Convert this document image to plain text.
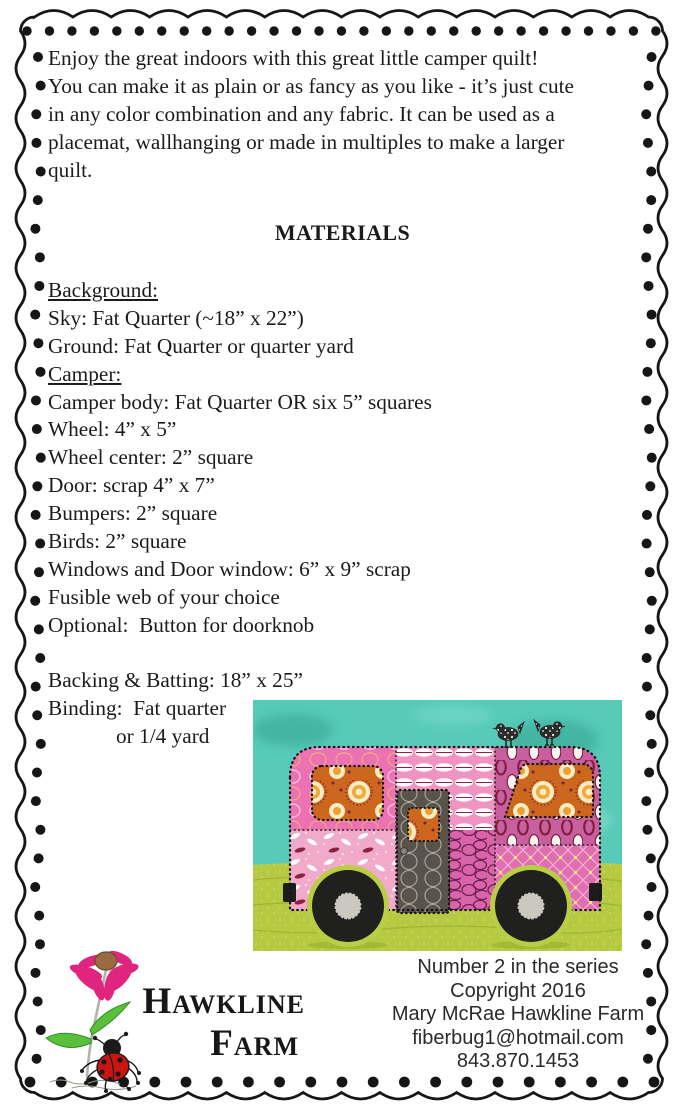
Enjoy the great indoors with this great little camper quilt!
You can make it as plain or as fancy as you like - it’s just cute
in any color combination and any fabric. It can be used as a
placemat, wallhanging or made in multiples to make a larger
quilt.
MATERIALS
Background:
Sky: Fat Quarter (~18” x 22”)
Ground: Fat Quarter or quarter yard
Camper:
Camper body: Fat Quarter OR six 5” squares
Wheel: 4” x 5”
Wheel center: 2” square
Door: scrap 4” x 7”
Bumpers: 2” square
Birds: 2” square
Windows and Door window: 6” x 9” scrap
Fusible web of your choice
Optional:  Button for doorknob

Backing & Batting: 18” x 25”
Binding:  Fat quarter
or 1/4 yard
Hawkline
Farm
Number 2 in the series
Copyright 2016
Mary McRae Hawkline Farm
fiberbug1@hotmail.com
843.870.1453
